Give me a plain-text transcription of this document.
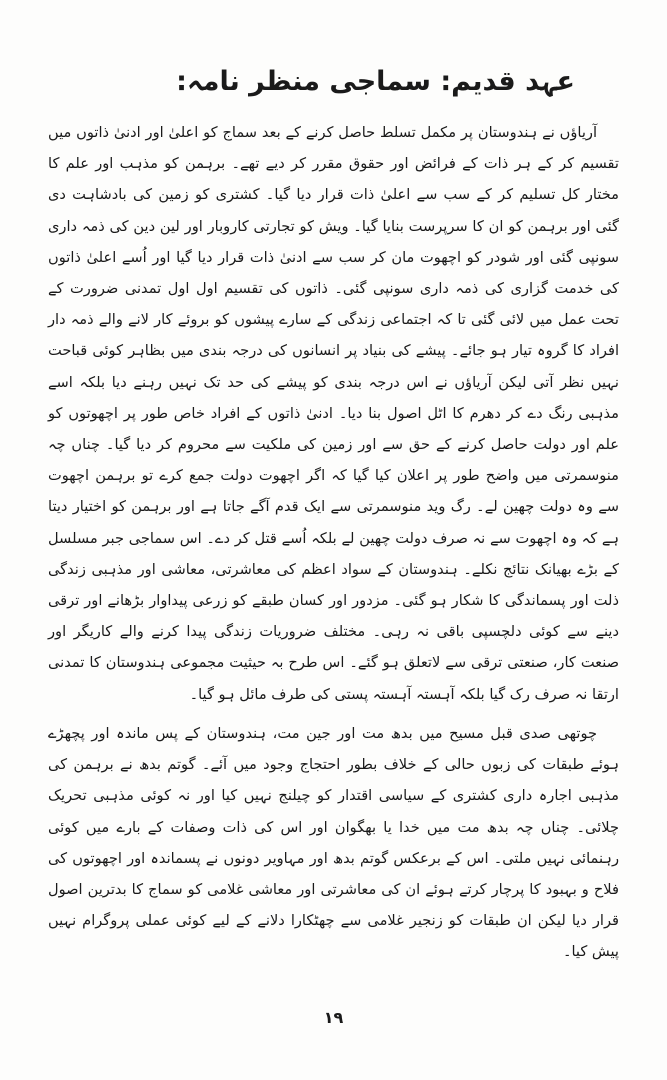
عہد قدیم: سماجی منظر نامہ:

آریاؤں نے ہندوستان پر مکمل تسلط حاصل کرنے کے بعد سماج کو اعلیٰ اور ادنیٰ ذاتوں میں تقسیم کر کے ہر ذات کے فرائض اور حقوق مقرر کر دیے تھے۔ برہمن کو مذہب اور علم کا مختار کل تسلیم کر کے سب سے اعلیٰ ذات قرار دیا گیا۔ کشتری کو زمین کی بادشاہت دی گئی اور برہمن کو ان کا سرپرست بنایا گیا۔ ویش کو تجارتی کاروبار اور لین دین کی ذمہ داری سونپی گئی اور شودر کو اچھوت مان کر سب سے ادنیٰ ذات قرار دیا گیا اور اُسے اعلیٰ ذاتوں کی خدمت گزاری کی ذمہ داری سونپی گئی۔ ذاتوں کی تقسیم اول اول تمدنی ضرورت کے تحت عمل میں لائی گئی تا کہ اجتماعی زندگی کے سارے پیشوں کو بروئے کار لانے والے ذمہ دار افراد کا گروہ تیار ہو جائے۔ پیشے کی بنیاد پر انسانوں کی درجہ بندی میں بظاہر کوئی قباحت نہیں نظر آتی لیکن آریاؤں نے اس درجہ بندی کو پیشے کی حد تک نہیں رہنے دیا بلکہ اسے مذہبی رنگ دے کر دھرم کا اٹل اصول بنا دیا۔ ادنیٰ ذاتوں کے افراد خاص طور پر اچھوتوں کو علم اور دولت حاصل کرنے کے حق سے اور زمین کی ملکیت سے محروم کر دیا گیا۔ چناں چہ منوسمرتی میں واضح طور پر اعلان کیا گیا کہ اگر اچھوت دولت جمع کرے تو برہمن اچھوت سے وہ دولت چھین لے۔ رگ وید منوسمرتی سے ایک قدم آگے جاتا ہے اور برہمن کو اختیار دیتا ہے کہ وہ اچھوت سے نہ صرف دولت چھین لے بلکہ اُسے قتل کر دے۔ اس سماجی جبر مسلسل کے بڑے بھیانک نتائج نکلے۔ ہندوستان کے سواد اعظم کی معاشرتی، معاشی اور مذہبی زندگی ذلت اور پسماندگی کا شکار ہو گئی۔ مزدور اور کسان طبقے کو زرعی پیداوار بڑھانے اور ترقی دینے سے کوئی دلچسپی باقی نہ رہی۔ مختلف ضروریات زندگی پیدا کرنے والے کاریگر اور صنعت کار، صنعتی ترقی سے لاتعلق ہو گئے۔ اس طرح بہ حیثیت مجموعی ہندوستان کا تمدنی ارتقا نہ صرف رک گیا بلکہ آہستہ آہستہ پستی کی طرف مائل ہو گیا۔

چوتھی صدی قبل مسیح میں بدھ مت اور جین مت، ہندوستان کے پس ماندہ اور پچھڑے ہوئے طبقات کی زبوں حالی کے خلاف بطور احتجاج وجود میں آئے۔ گوتم بدھ نے برہمن کی مذہبی اجارہ داری کشتری کے سیاسی اقتدار کو چیلنج نہیں کیا اور نہ کوئی مذہبی تحریک چلائی۔ چناں چہ بدھ مت میں خدا یا بھگوان اور اس کی ذات وصفات کے بارے میں کوئی رہنمائی نہیں ملتی۔ اس کے برعکس گوتم بدھ اور مہاویر دونوں نے پسماندہ اور اچھوتوں کی فلاح و بہبود کا پرچار کرتے ہوئے ان کی معاشرتی اور معاشی غلامی کو سماج کا بدترین اصول قرار دیا لیکن ان طبقات کو زنجیر غلامی سے چھٹکارا دلانے کے لیے کوئی عملی پروگرام نہیں پیش کیا۔

۱۹
